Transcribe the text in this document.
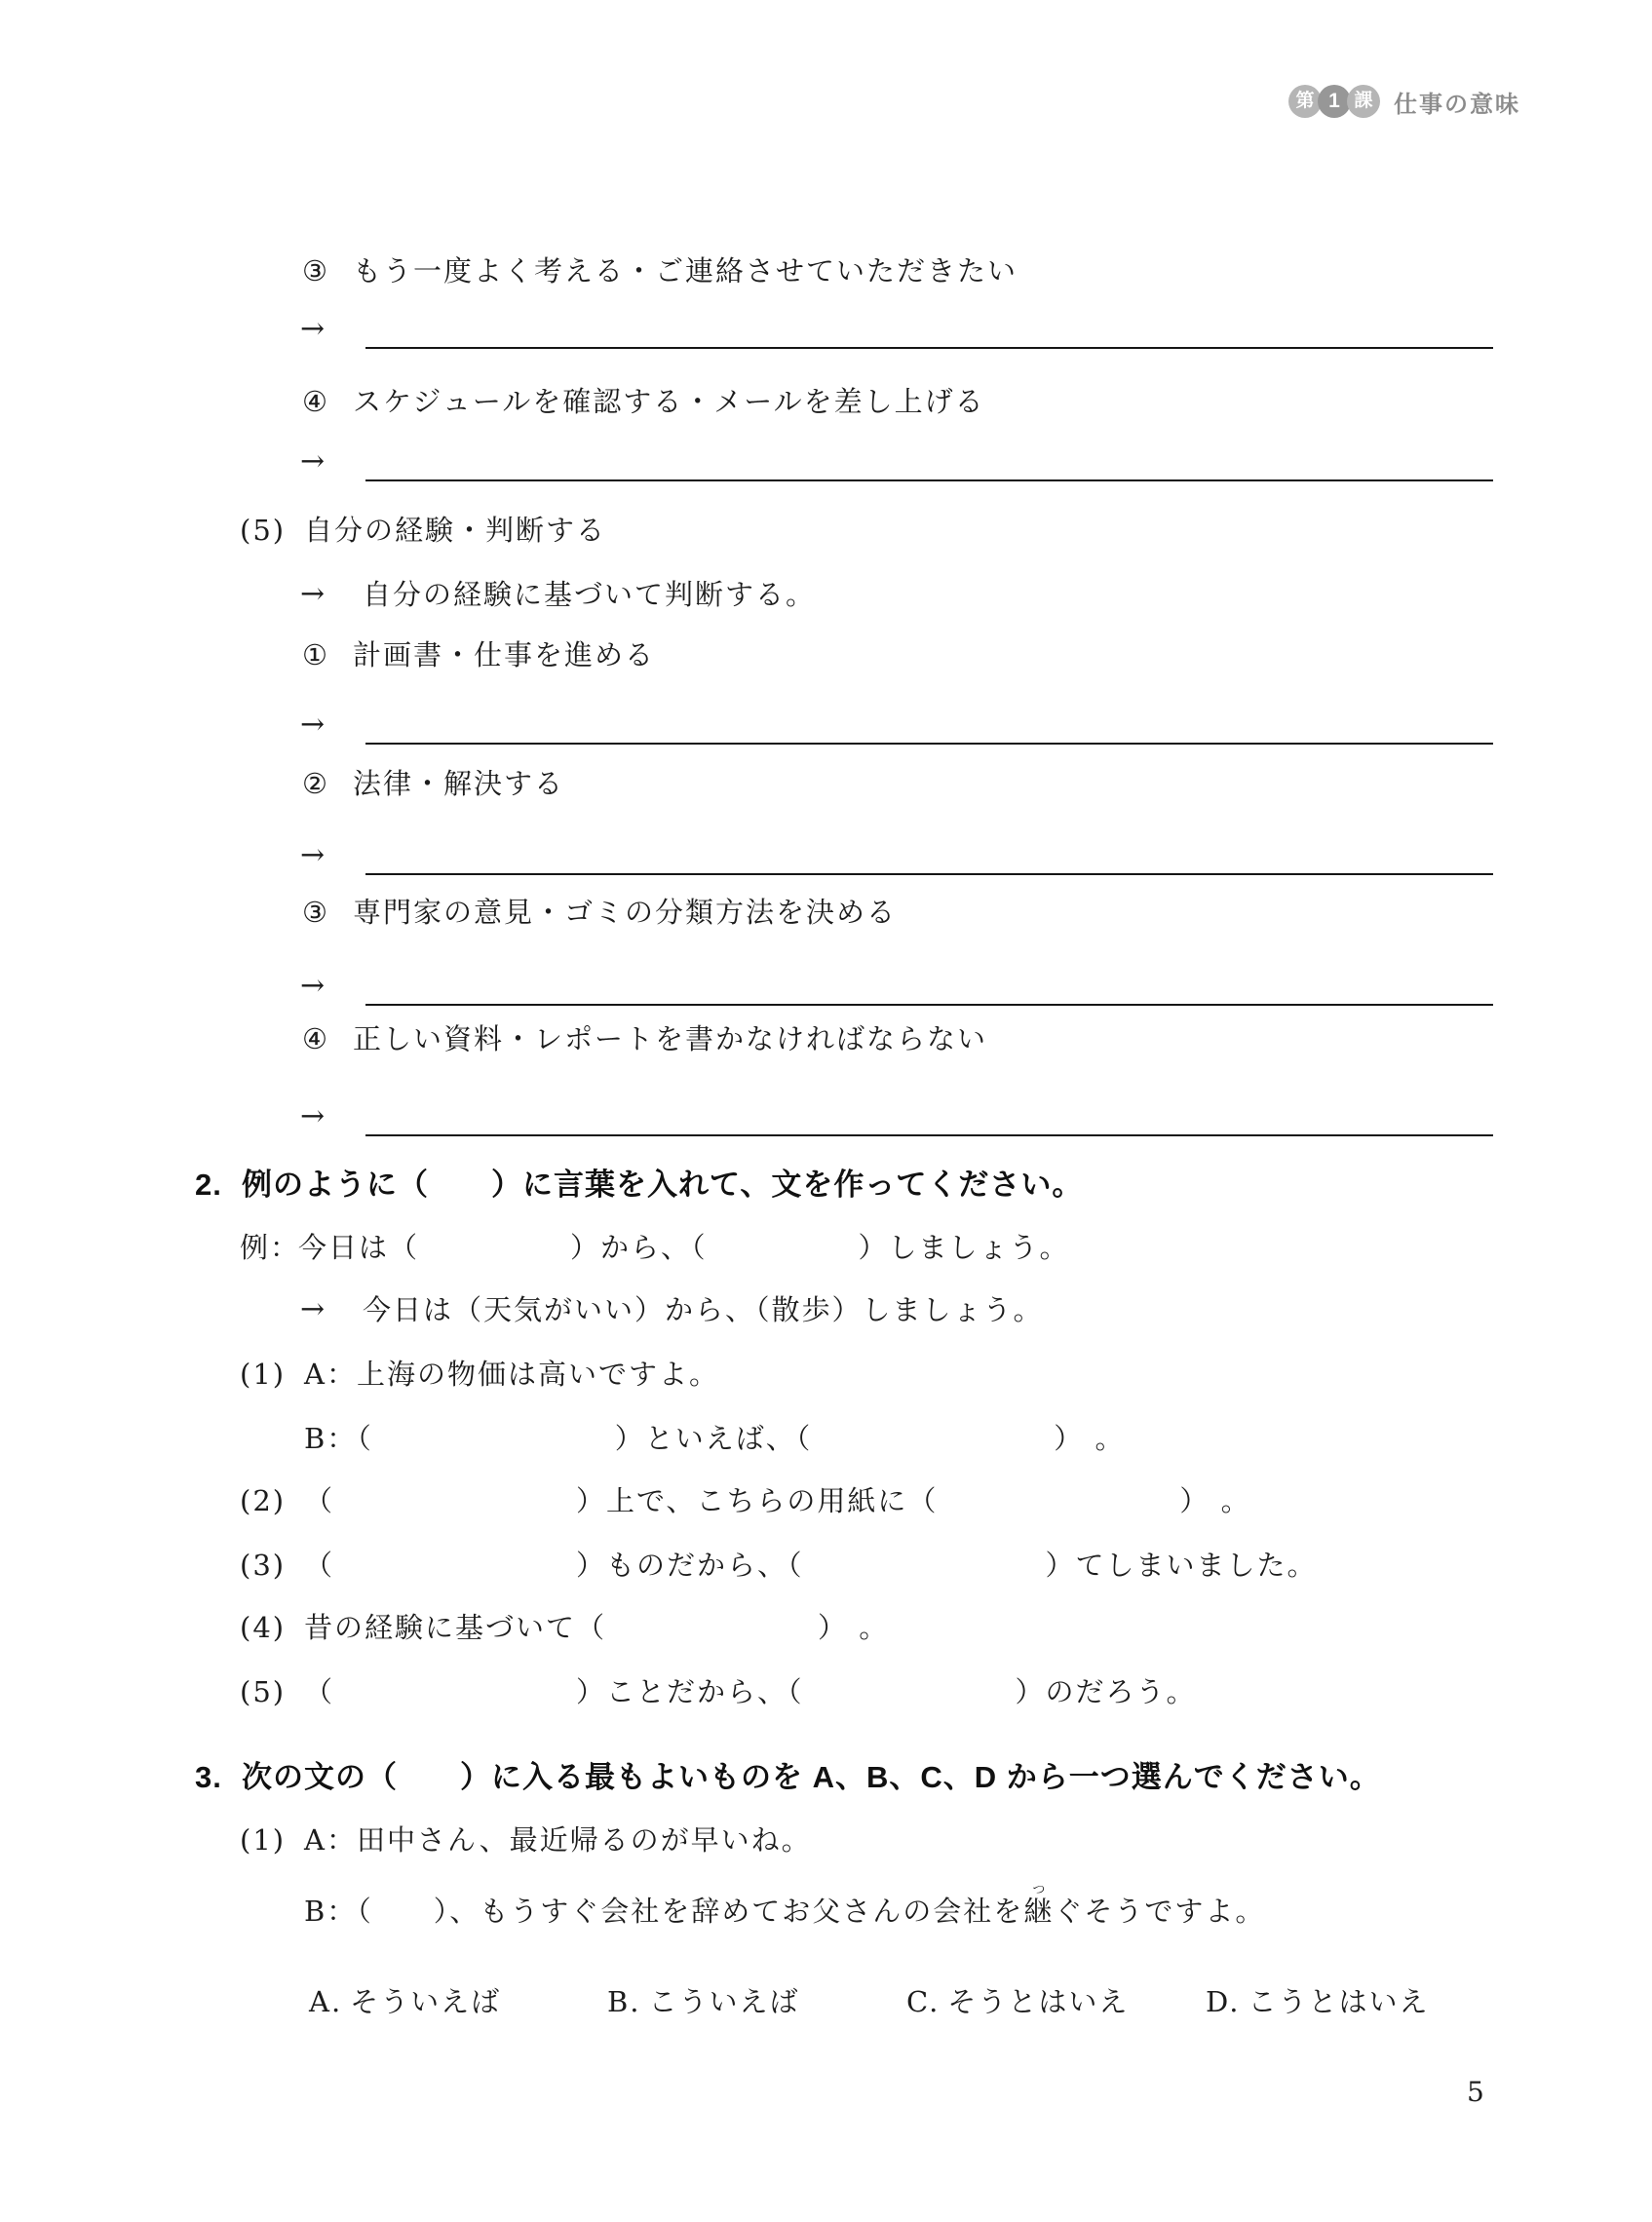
第 1 課 仕事の意味
③ もう一度よく考える・ご連絡させていただきたい
→
④ スケジュールを確認する・メールを差し上げる
→
(5) 自分の経験・判断する
→ 自分の経験に基づいて判断する。
① 計画書・仕事を進める
→
② 法律・解決する
→
③ 専門家の意見・ゴミの分類方法を決める
→
④ 正しい資料・レポートを書かなければならない
→
2. 例のように（　　）に言葉を入れて、文を作ってください。
例：
今日は（　　　　　）から、（　　　　　）しましょう。
→ 今日は（天気がいい）から、（散歩）しましょう。
(1) A：上海の物価は高いですよ。
B：（　　　　　　　　）といえば、（　　　　　　　　） 。
(2) （　　　　　　　　）上で、こちらの用紙に（　　　　　　　　） 。
(3) （　　　　　　　　）ものだから、（　　　　　　　　）てしまいました。
(4) 昔の経験に基づいて（　　　　　　　） 。
(5) （　　　　　　　　）ことだから、（　　　　　　　）のだろう。
3. 次の文の（　　）に入る最もよいものを A、B、C、D から一つ選んでください。
(1) A：田中さん、最近帰るのが早いね。
B：（　　）、もうすぐ会社を辞めてお父さんの会社を継つぐそうですよ。
A. そういえば	B. こういえば	C. そうとはいえ	D. こうとはいえ
5
